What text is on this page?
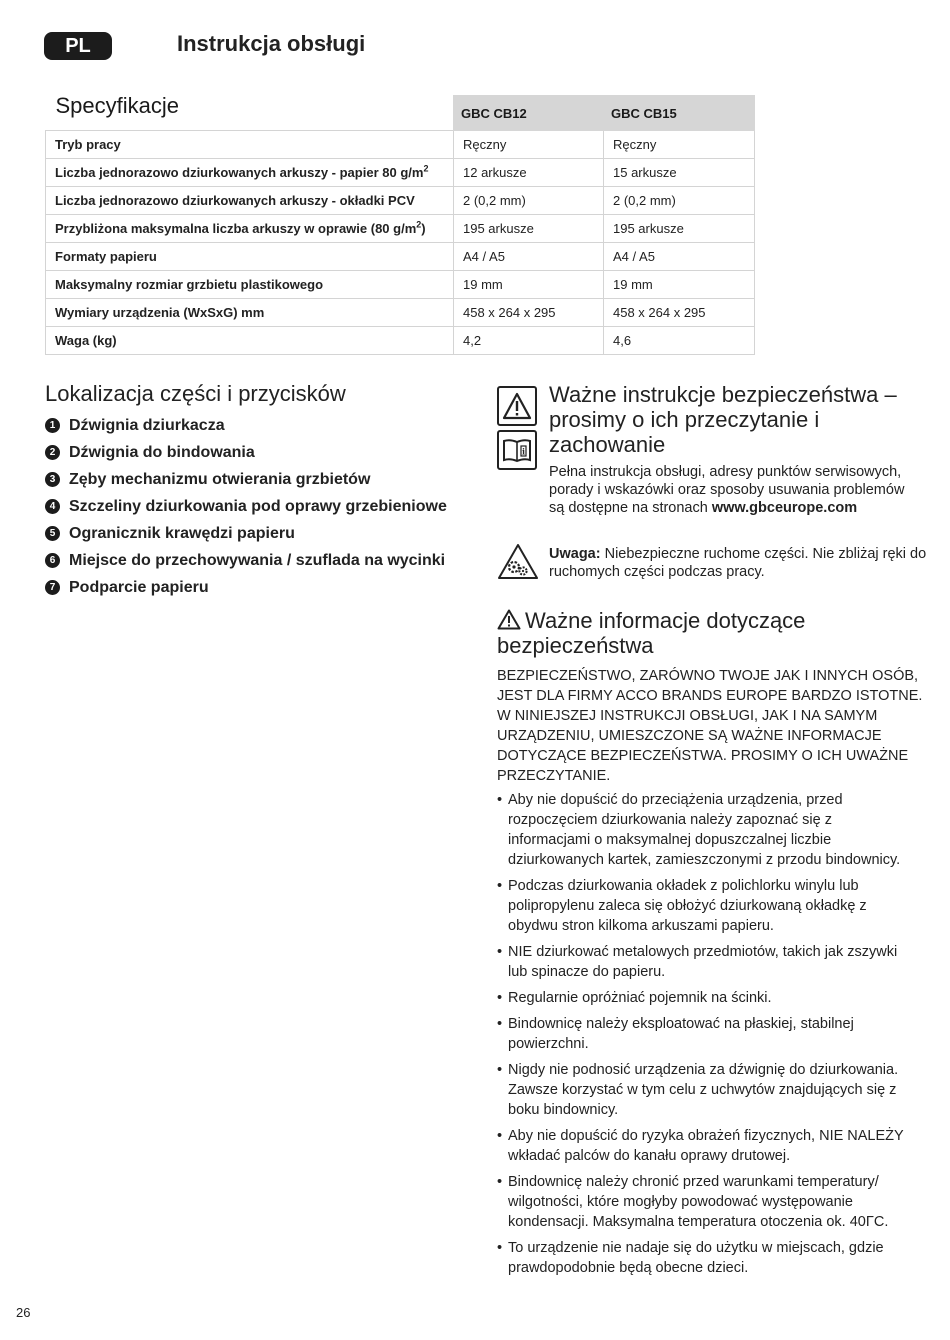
PL	Instrukcja obsługi
Specyfikacje	GBC CB12	GBC CB15
Tryb pracy	Ręczny	Ręczny
Liczba jednorazowo dziurkowanych arkuszy - papier 80 $g/m^2$	12 arkusze	15 arkusze
Liczba jednorazowo dziurkowanych arkuszy - okładki PCV	2 (0,2 mm)	2 (0,2 mm)
Przybliżona maksymalna liczba arkuszy w oprawie (80 $g/m^2$)	195 arkusze	195 arkusze
Formaty papieru	A4 / A5	A4 / A5
Maksymalny rozmiar grzbietu plastikowego	19 mm	19 mm
Wymiary urządzenia (WxSxG) mm	458 x 264 x 295	458 x 264 x 295
Waga (kg)	4,2	4,6
Lokalizacja części i przycisków
1 Dźwignia dziurkacza
2 Dźwignia do bindowania
3 Zęby mechanizmu otwierania grzbietów
4 Szczeliny dziurkowania pod oprawy grzebieniowe
5 Ogranicznik krawędzi papieru
6 Miejsce do przechowywania / szuflada na wycinki
7 Podparcie papieru
i
Ważne instrukcje bezpieczeństwa – prosimy o ich przeczytanie i zachowanie
Pełna instrukcja obsługi, adresy punktów serwisowych, porady i wskazówki oraz sposoby usuwania problemów są dostępne na stronach www.gbceurope.com
Uwaga: Niebezpieczne ruchome części. Nie zbliżaj ręki do ruchomych części podczas pracy.
Ważne informacje dotyczące bezpieczeństwa
BEZPIECZEŃSTWO, ZARÓWNO TWOJE JAK I INNYCH OSÓB, JEST DLA FIRMY ACCO BRANDS EUROPE BARDZO ISTOTNE. W NINIEJSZEJ INSTRUKCJI OBSŁUGI, JAK I NA SAMYM URZĄDZENIU, UMIESZCZONE SĄ WAŻNE INFORMACJE DOTYCZĄCE BEZPIECZEŃSTWA. PROSIMY O ICH UWAŻNE PRZECZYTANIE.
• Aby nie dopuścić do przeciążenia urządzenia, przed rozpoczęciem dziurkowania należy zapoznać się z informacjami o maksymalnej dopuszczalnej liczbie dziurkowanych kartek, zamieszczonymi z przodu bindownicy.
• Podczas dziurkowania okładek z polichlorku winylu lub polipropylenu zaleca się obłożyć dziurkowaną okładkę z obydwu stron kilkoma arkuszami papieru.
• NIE dziurkować metalowych przedmiotów, takich jak zszywki lub spinacze do papieru.
• Regularnie opróżniać pojemnik na ścinki.
• Bindownicę należy eksploatować na płaskiej, stabilnej powierzchni.
• Nigdy nie podnosić urządzenia za dźwignię do dziurkowania. Zawsze korzystać w tym celu z uchwytów znajdujących się z boku bindownicy.
• Aby nie dopuścić do ryzyka obrażeń fizycznych, NIE NALEŻY wkładać palców do kanału oprawy drutowej.
• Bindownicę należy chronić przed warunkami temperatury/ wilgotności, które mogłyby powodować występowanie kondensacji. Maksymalna temperatura otoczenia ok. 40ΓC.
• To urządzenie nie nadaje się do użytku w miejscach, gdzie prawdopodobnie będą obecne dzieci.
26
